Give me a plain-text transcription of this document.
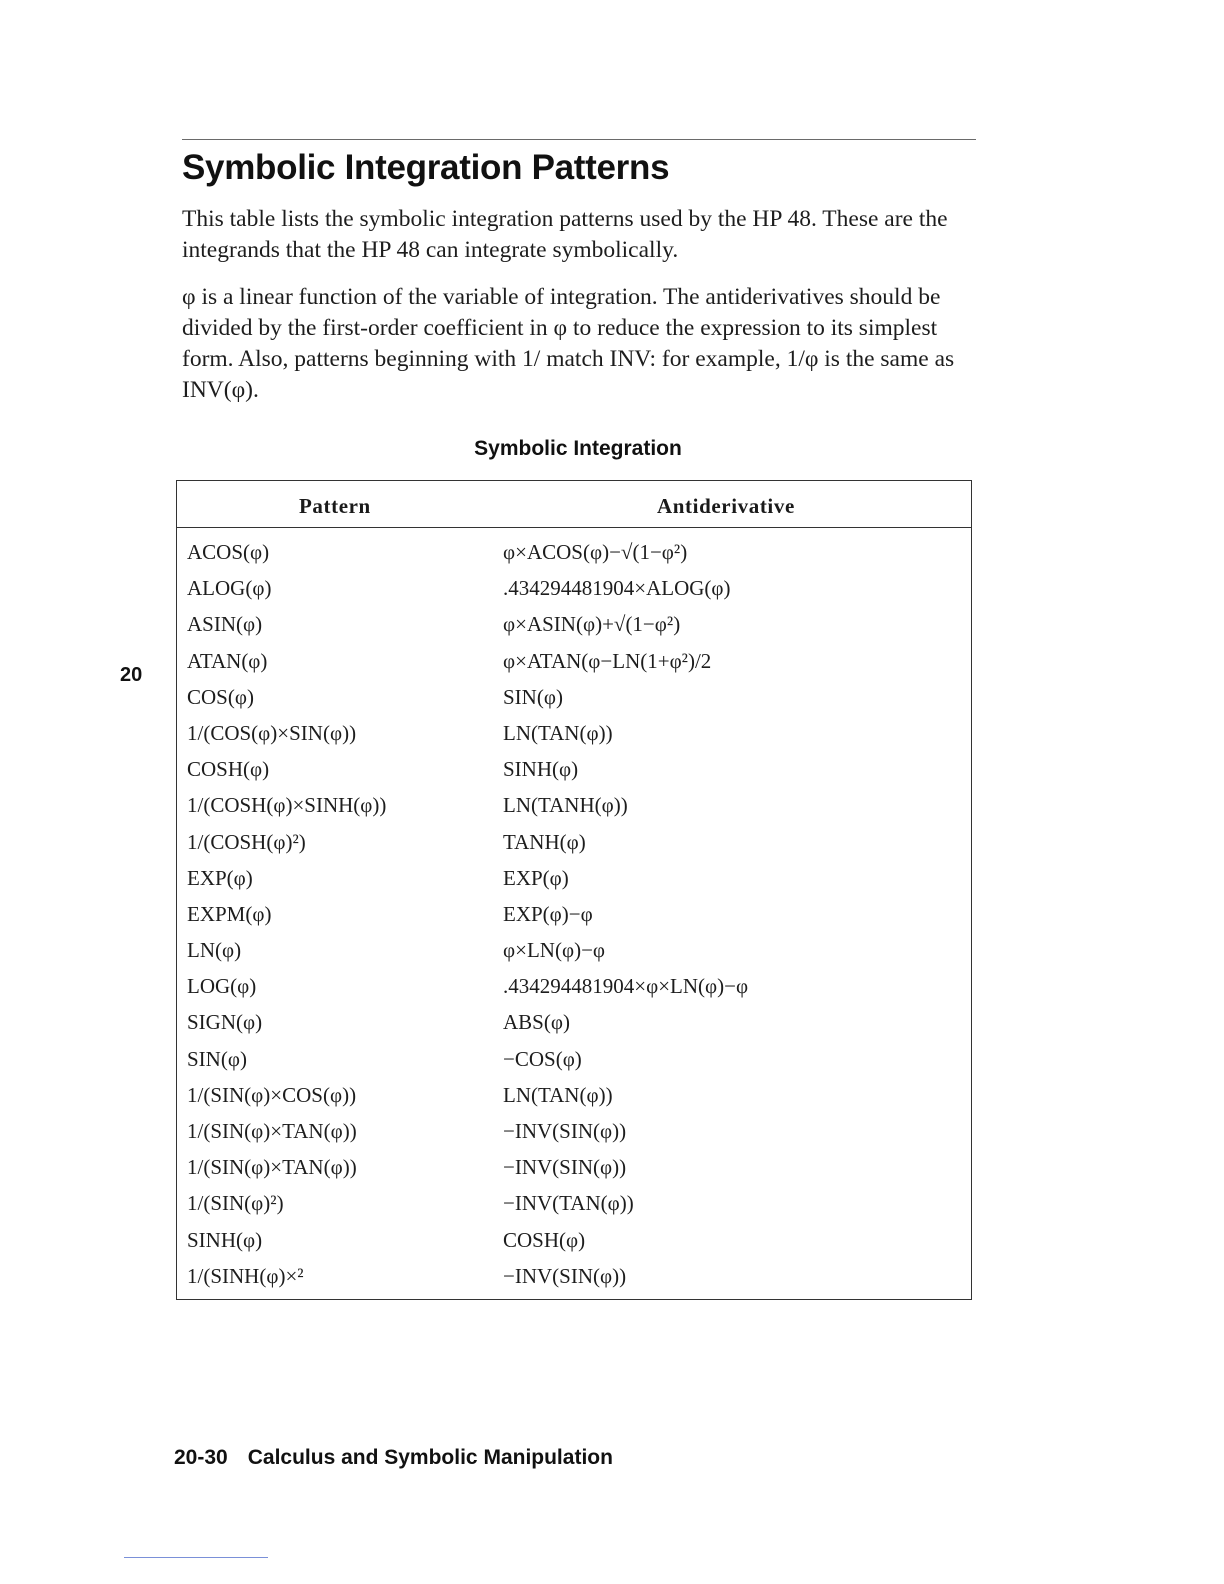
Symbolic Integration Patterns

This table lists the symbolic integration patterns used by the HP 48. These are the integrands that the HP 48 can integrate symbolically.

φ is a linear function of the variable of integration. The antiderivatives should be divided by the first-order coefficient in φ to reduce the expression to its simplest form. Also, patterns beginning with 1/ match INV: for example, 1/φ is the same as INV(φ).

Symbolic Integration
20
Pattern	Antiderivative
ACOS(φ)	φ×ACOS(φ)−√(1−φ²)
ALOG(φ)	.434294481904×ALOG(φ)
ASIN(φ)	φ×ASIN(φ)+√(1−φ²)
ATAN(φ)	φ×ATAN(φ−LN(1+φ²)/2
COS(φ)	SIN(φ)
1/(COS(φ)×SIN(φ))	LN(TAN(φ))
COSH(φ)	SINH(φ)
1/(COSH(φ)×SINH(φ))	LN(TANH(φ))
1/(COSH(φ)²)	TANH(φ)
EXP(φ)	EXP(φ)
EXPM(φ)	EXP(φ)−φ
LN(φ)	φ×LN(φ)−φ
LOG(φ)	.434294481904×φ×LN(φ)−φ
SIGN(φ)	ABS(φ)
SIN(φ)	−COS(φ)
1/(SIN(φ)×COS(φ))	LN(TAN(φ))
1/(SIN(φ)×TAN(φ))	−INV(SIN(φ))
1/(SIN(φ)×TAN(φ))	−INV(SIN(φ))
1/(SIN(φ)²)	−INV(TAN(φ))
SINH(φ)	COSH(φ)
1/(SINH(φ)×²	−INV(SIN(φ))
20-30 Calculus and Symbolic Manipulation
